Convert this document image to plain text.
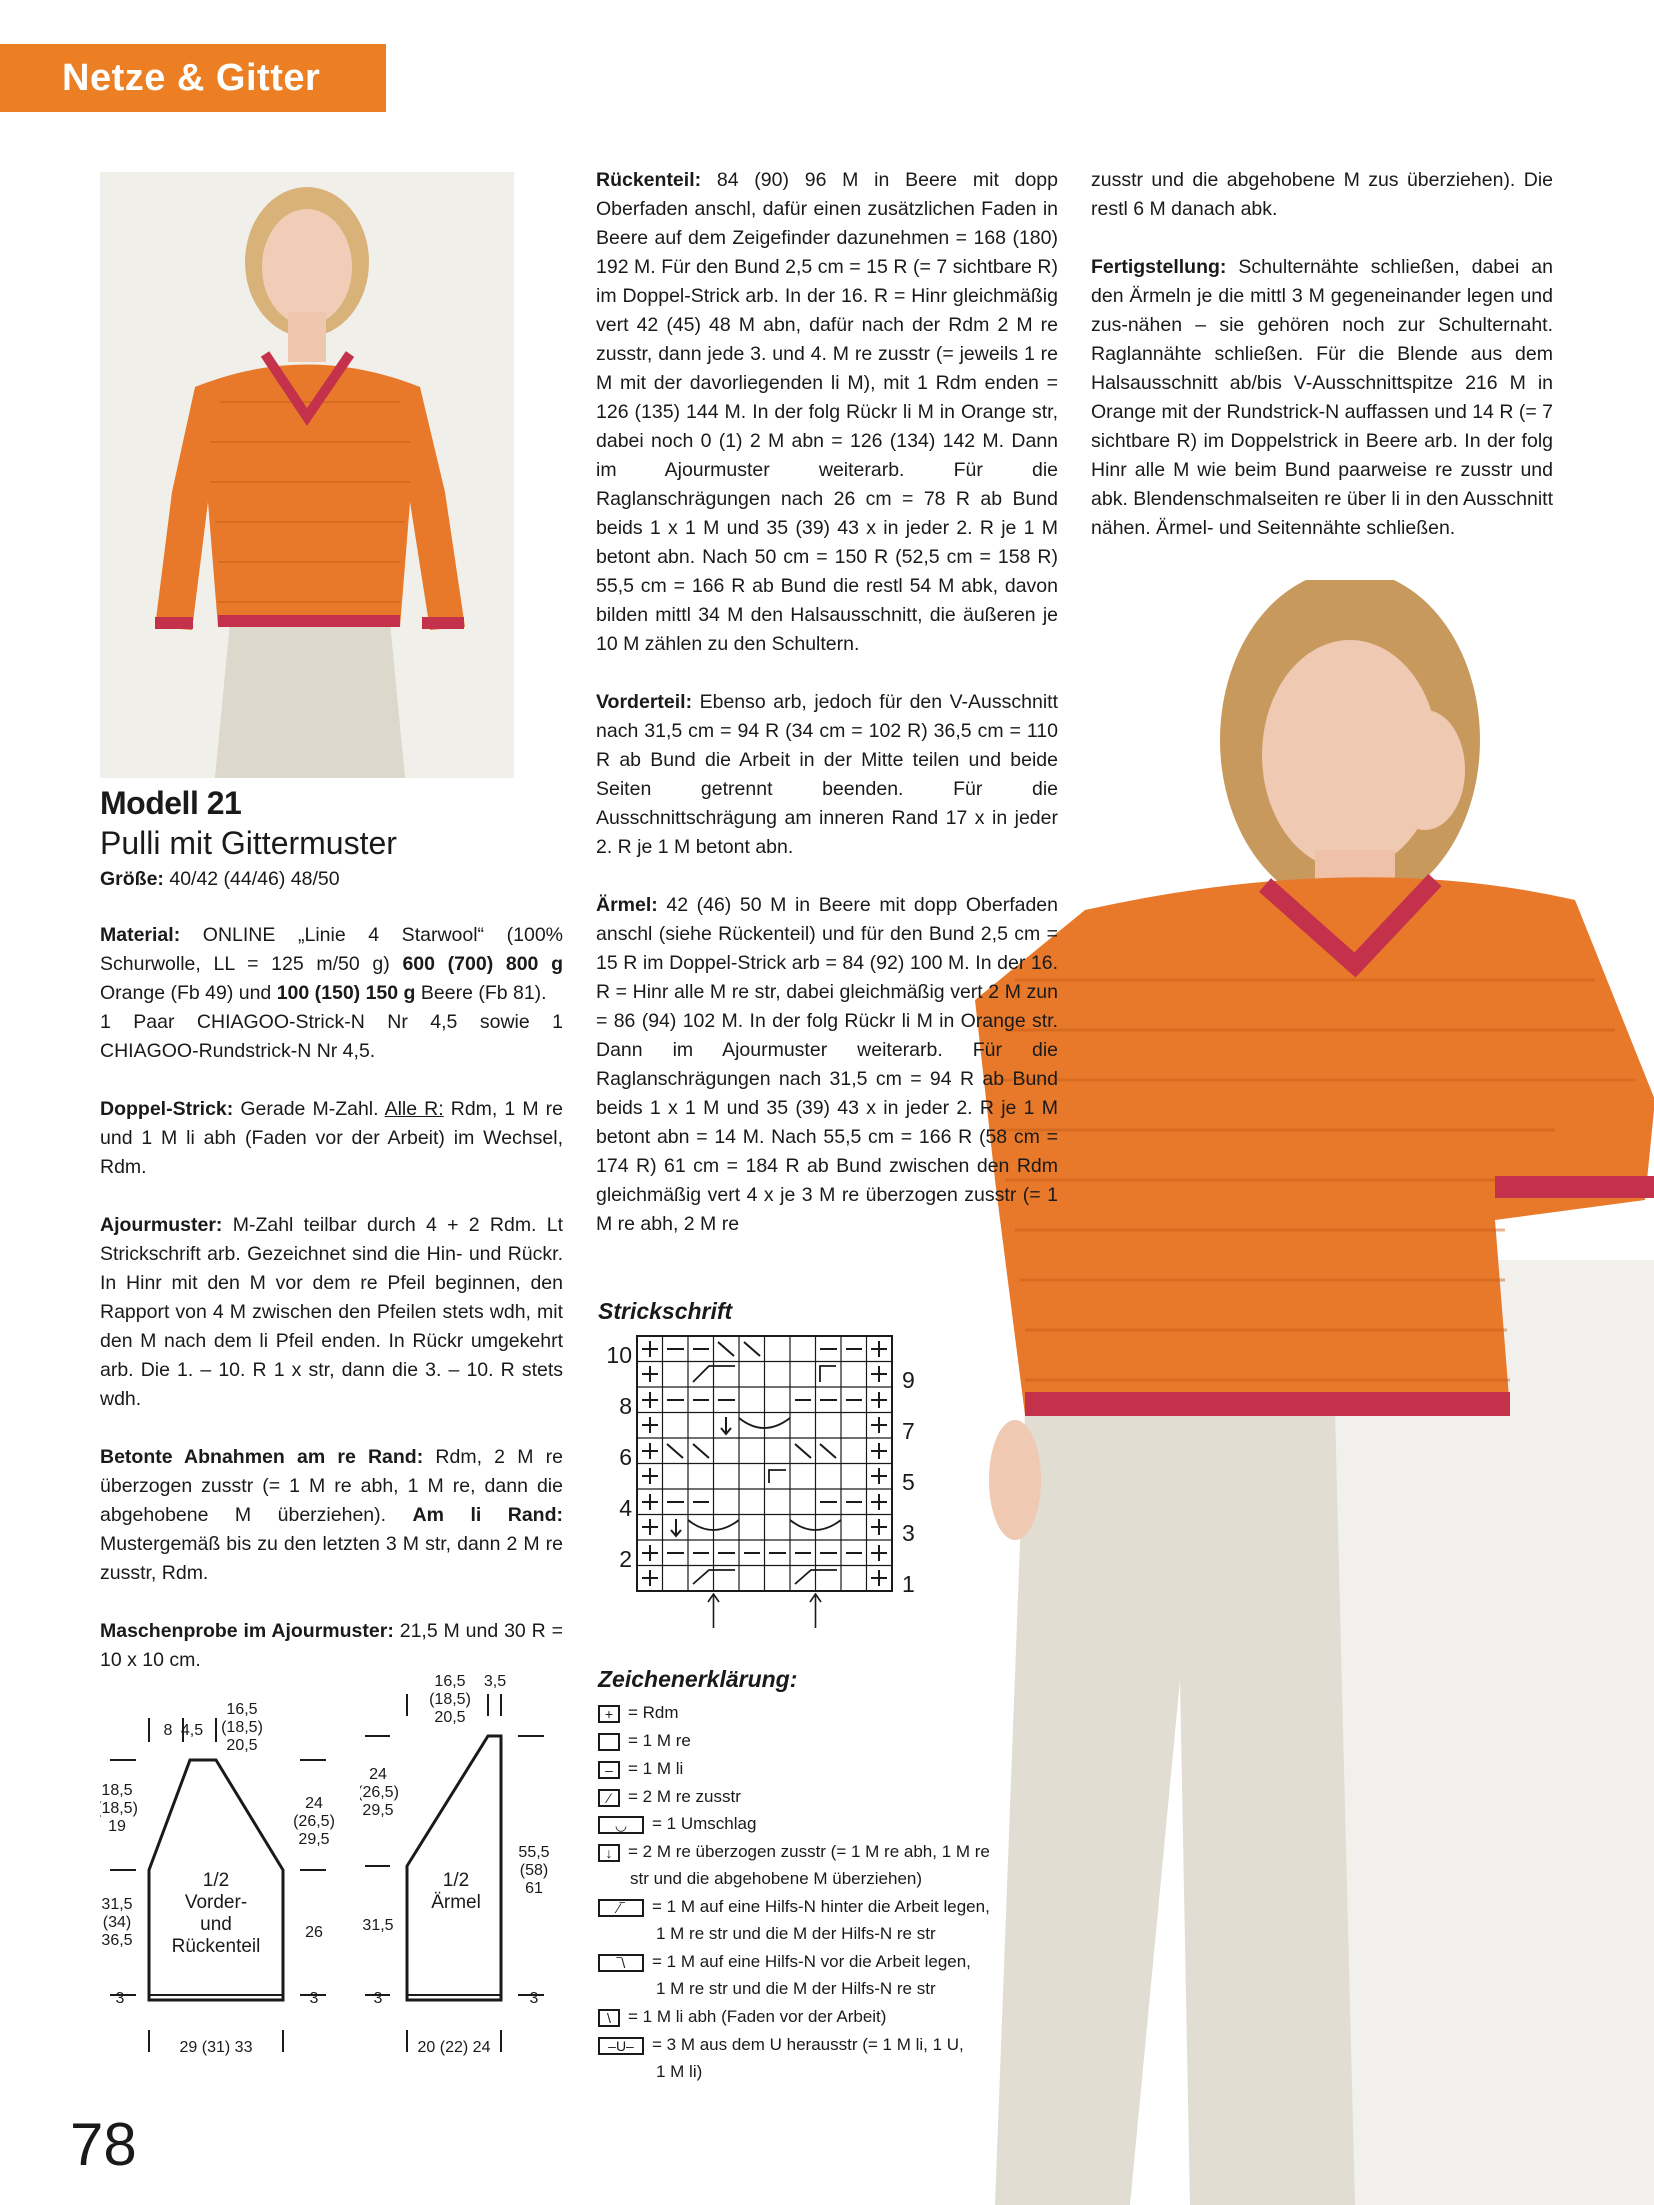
Netze & Gitter
Modell 21
Pulli mit Gittermuster
Größe: 40/42 (44/46) 48/50

Material: ONLINE „Linie 4 Starwool“ (100% Schurwolle, LL = 125 m/50 g) 600 (700) 800 g Orange (Fb 49) und 100 (150) 150 g Beere (Fb 81).
1 Paar CHIAGOO-Strick-N Nr 4,5 sowie 1 CHIAGOO-Rundstrick-N Nr 4,5.

Doppel-Strick: Gerade M-Zahl. Alle R: Rdm, 1 M re und 1 M li abh (Faden vor der Arbeit) im Wechsel, Rdm.

Ajourmuster: M-Zahl teilbar durch 4 + 2 Rdm. Lt Strickschrift arb. Gezeichnet sind die Hin- und Rückr. In Hinr mit den M vor dem re Pfeil beginnen, den Rapport von 4 M zwischen den Pfeilen stets wdh, mit den M nach dem li Pfeil enden. In Rückr umgekehrt arb. Die 1. – 10. R 1 x str, dann die 3. – 10. R stets wdh.

Betonte Abnahmen am re Rand: Rdm, 2 M re überzogen zusstr (= 1 M re abh, 1 M re, dann die abgehobene M überziehen). Am li Rand: Mustergemäß bis zu den letzten 3 M str, dann 2 M re zusstr, Rdm.

Maschenprobe im Ajourmuster: 21,5 M und 30 R = 10 x 10 cm.

Rückenteil: 84 (90) 96 M in Beere mit dopp Oberfaden anschl, dafür einen zusätzlichen Faden in Beere auf dem Zeigefinder dazunehmen = 168 (180) 192 M. Für den Bund 2,5 cm = 15 R (= 7 sichtbare R) im Doppel-Strick arb. In der 16. R = Hinr gleichmäßig vert 42 (45) 48 M abn, dafür nach der Rdm 2 M re zusstr, dann jede 3. und 4. M re zusstr (= jeweils 1 re M mit der davorliegenden li M), mit 1 Rdm enden = 126 (135) 144 M. In der folg Rückr li M in Orange str, dabei noch 0 (1) 2 M abn = 126 (134) 142 M. Dann im Ajourmuster weiterarb. Für die Raglanschrägungen nach 26 cm = 78 R ab Bund beids 1 x 1 M und 35 (39) 43 x in jeder 2. R je 1 M betont abn. Nach 50 cm = 150 R (52,5 cm = 158 R) 55,5 cm = 166 R ab Bund die restl 54 M abk, davon bilden mittl 34 M den Halsausschnitt, die äußeren je 10 M zählen zu den Schultern.

Vorderteil: Ebenso arb, jedoch für den V-Ausschnitt nach 31,5 cm = 94 R (34 cm = 102 R) 36,5 cm = 110 R ab Bund die Arbeit in der Mitte teilen und beide Seiten getrennt beenden. Für die Ausschnittschrägung am inneren Rand 17 x in jeder 2. R je 1 M betont abn.

Ärmel: 42 (46) 50 M in Beere mit dopp Oberfaden anschl (siehe Rückenteil) und für den Bund 2,5 cm = 15 R im Doppel-Strick arb = 84 (92) 100 M. In der 16. R = Hinr alle M re str, dabei gleichmäßig vert 2 M zun = 86 (94) 102 M. In der folg Rückr li M in Orange str. Dann im Ajourmuster weiterarb. Für die Raglanschrägungen nach 31,5 cm = 94 R ab Bund beids 1 x 1 M und 35 (39) 43 x in jeder 2. R je 1 M betont abn = 14 M. Nach 55,5 cm = 166 R (58 cm = 174 R) 61 cm = 184 R ab Bund zwischen den Rdm gleichmäßig vert 4 x je 3 M re überzogen zusstr (= 1 M re abh, 2 M re

zusstr und die abgehobene M zus überziehen). Die restl 6 M danach abk.

Fertigstellung: Schulternähte schließen, dabei an den Ärmeln je die mittl 3 M gegeneinander legen und zus-nähen – sie gehören noch zur Schulternaht. Raglannähte schließen. Für die Blende aus dem Halsausschnitt ab/bis V-Ausschnittspitze 216 M in Orange mit der Rundstrick-N auffassen und 14 R (= 7 sichtbare R) im Doppelstrick in Beere arb. In der folg Hinr alle M wie beim Bund paarweise re zusstr und abk. Blendenschmalseiten re über li in den Ausschnitt nähen. Ärmel- und Seitennähte schließen.

Strickschrift
10
8
6
4
2
9
7
5
3
1
Zeichenerklärung:
+ = Rdm
= 1 M re
– = 1 M li
⁄ = 2 M re zusstr
◡ = 1 Umschlag
↓ = 2 M re überzogen zusstr (= 1 M re abh, 1 M re
str und die abgehobene M überziehen)
⁄‾ = 1 M auf eine Hilfs-N hinter die Arbeit legen,
1 M re str und die M der Hilfs-N re str
‾\ = 1 M auf eine Hilfs-N vor die Arbeit legen,
1 M re str und die M der Hilfs-N re str
\ = 1 M li abh (Faden vor der Arbeit)
–U– = 3 M aus dem U herausstr (= 1 M li, 1 U,
1 M li)
8 4,5
16,5
(18,5)
20,5
18,5
(18,5)
19
31,5
(34)
36,5
24
(26,5)
29,5
26
29 (31) 33
3	3
1/2
Vorder-
und
Rückenteil
16,5
(18,5)
20,5
3,5
24
(26,5)
29,5
31,5
55,5
(58)
61
20 (22) 24
3	3
1/2
Ärmel
78
